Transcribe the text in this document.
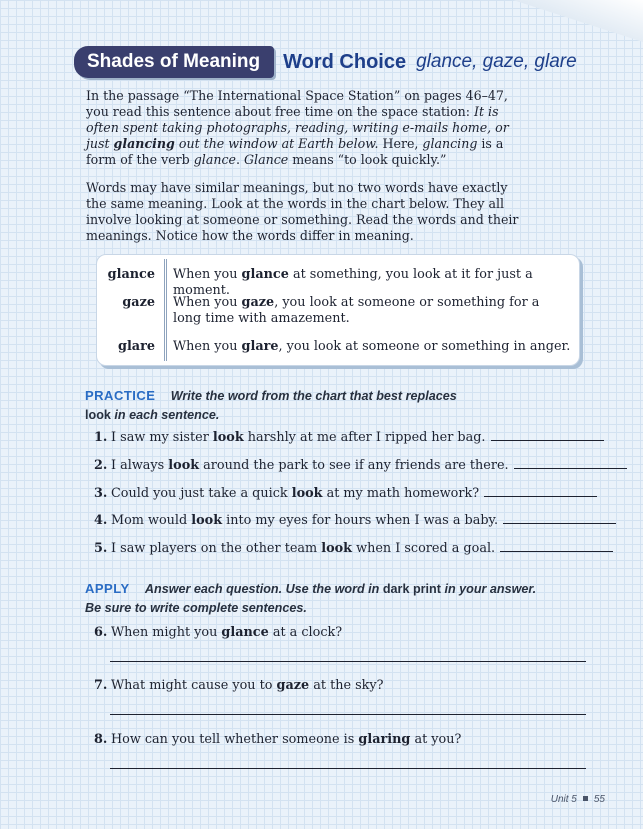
Shades of Meaning	Word Choice glance, gaze, glare

In the passage “The International Space Station” on pages 46–47, you read this sentence about free time on the space station: It is often spent taking photographs, reading, writing e-mails home, or just glancing out the window at Earth below. Here, glancing is a form of the verb glance. Glance means “to look quickly.”

Words may have similar meanings, but no two words have exactly the same meaning. Look at the words in the chart below. They all involve looking at someone or something. Read the words and their meanings. Notice how the words differ in meaning.

glance When you glance at something, you look at it for just a moment.
gaze When you gaze, you look at someone or something for a long time with amazement.
glare When you glare, you look at someone or something in anger.
PRACTICE Write the word from the chart that best replaces
look in each sentence.
1. I saw my sister look harshly at me after I ripped her bag.
2. I always look around the park to see if any friends are there.
3. Could you just take a quick look at my math homework?
4. Mom would look into my eyes for hours when I was a baby.
5. I saw players on the other team look when I scored a goal.
APPLY Answer each question. Use the word in dark print in your answer. Be sure to write complete sentences.
6. When might you glance at a clock?
7. What might cause you to gaze at the sky?
8. How can you tell whether someone is glaring at you?
Unit 5 55
